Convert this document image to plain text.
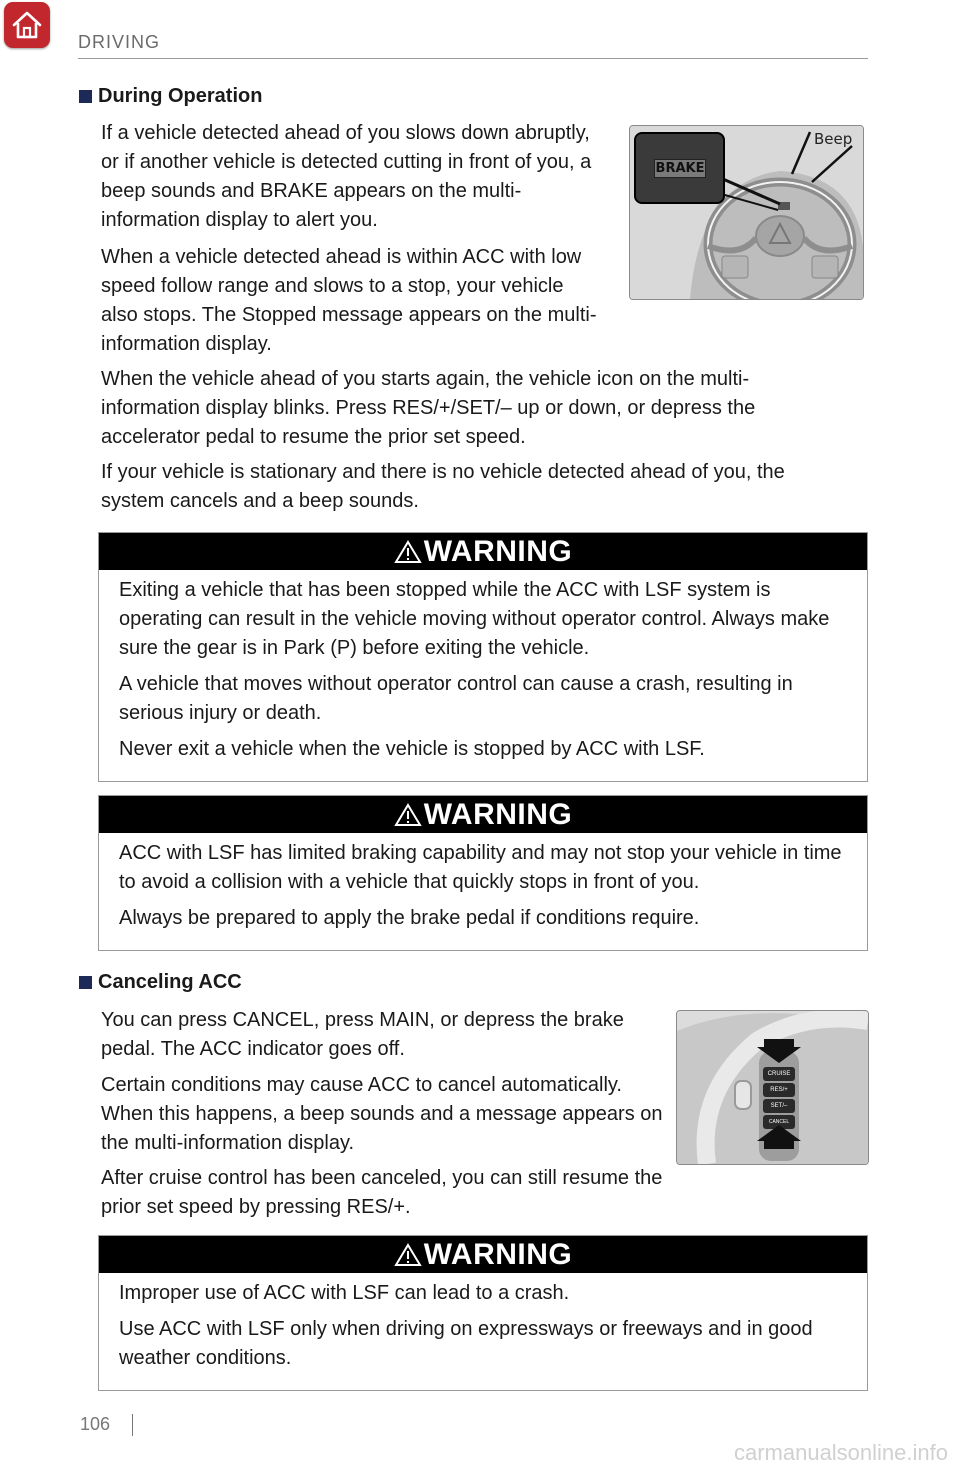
DRIVING
During Operation

If a vehicle detected ahead of you slows down abruptly, or if another vehicle is detected cutting in front of you, a beep sounds and BRAKE appears on the multi-information display to alert you.

When a vehicle detected ahead is within ACC with low speed follow range and slows to a stop, your vehicle also stops. The Stopped message appears on the multi-information display.

BRAKE
Beep

When the vehicle ahead of you starts again, the vehicle icon on the multi-information display blinks. Press RES/+/SET/– up or down, or depress the accelerator pedal to resume the prior set speed.

If your vehicle is stationary and there is no vehicle detected ahead of you, the system cancels and a beep sounds.

WARNING

Exiting a vehicle that has been stopped while the ACC with LSF system is operating can result in the vehicle moving without operator control. Always make sure the gear is in Park (P) before exiting the vehicle.

A vehicle that moves without operator control can cause a crash, resulting in serious injury or death.

Never exit a vehicle when the vehicle is stopped by ACC with LSF.

WARNING

ACC with LSF has limited braking capability and may not stop your vehicle in time to avoid a collision with a vehicle that quickly stops in front of you.

Always be prepared to apply the brake pedal if conditions require.

Canceling ACC

You can press CANCEL, press MAIN, or depress the brake pedal. The ACC indicator goes off.

Certain conditions may cause ACC to cancel automatically. When this happens, a beep sounds and a message appears on the multi-information display.

After cruise control has been canceled, you can still resume the prior set speed by pressing RES/+.

CRUISE
RES/+
SET/–
CANCEL
WARNING

Improper use of ACC with LSF can lead to a crash.

Use ACC with LSF only when driving on expressways or freeways and in good weather conditions.

106
carmanualsonline.info
